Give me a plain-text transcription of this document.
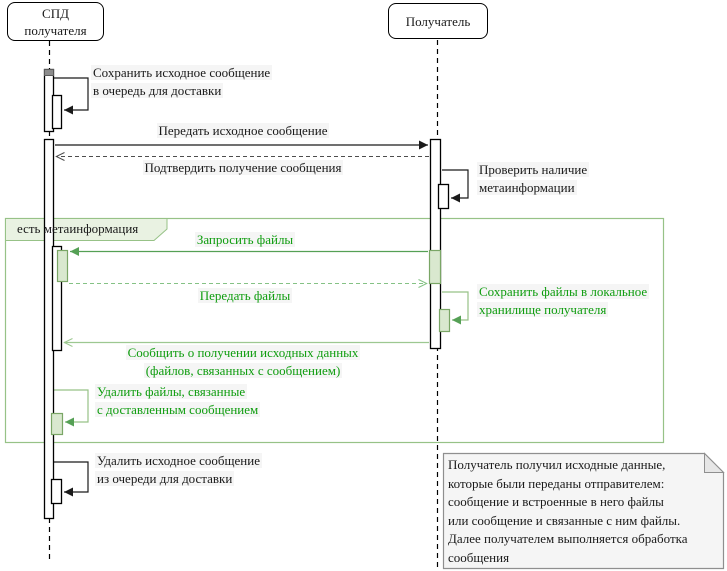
СПД
получателя
Получатель
есть метаинформация
Сохранить исходное сообщение
в очередь для доставки
Проверить наличие
метаинформации
Сохранить файлы в локальное
хранилище получателя
Удалить файлы, связанные
с доставленным сообщением
Удалить исходное сообщение
из очереди для доставки
Передать исходное сообщение
Подтвердить получение сообщения
Запросить файлы
Передать файлы
Сообщить о получении исходных данных
(файлов, связанных с сообщением)
Получатель получил исходные данные,
которые были переданы отправителем:
сообщение и встроенные в него файлы
или сообщение и связанные с ним файлы.
Далее получателем выполняется обработка
сообщения
